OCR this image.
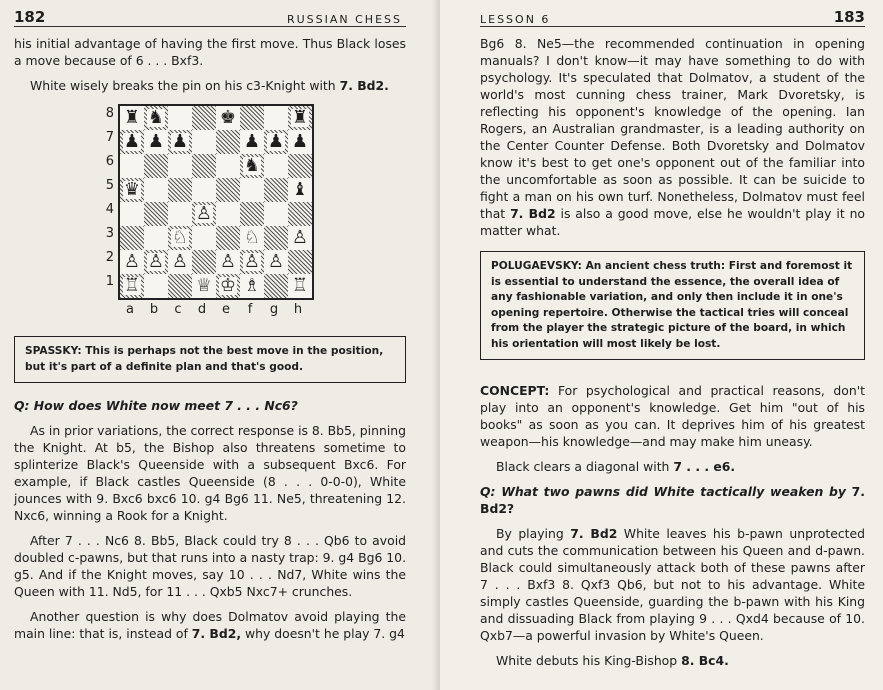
182	RUSSIAN CHESS

his initial advantage of having the first move. Thus Black loses a move because of 6 . . . Bxf3.

White wisely breaks the pin on his c3-Knight with 7. Bd2.

8
7
6
5
4
3
2
1
♜ ♞	♚	♜
♟ ♟ ♟	♟ ♟ ♟
♞
♛	♝
♙
♘	♘ ♙
♙ ♙ ♙ ♙ ♙ ♙
♖	♕ ♔ ♗ ♖
a	b	c	d	e	f	g	h
SPASSKY: This is perhaps not the best move in the position, but it's part of a definite plan and that's good.

Q: How does White now meet 7 . . . Nc6?

As in prior variations, the correct response is 8. Bb5, pinning the Knight. At b5, the Bishop also threatens sometime to splinterize Black's Queenside with a subsequent Bxc6. For example, if Black castles Queenside (8 . . . 0-0-0), White jounces with 9. Bxc6 bxc6 10. g4 Bg6 11. Ne5, threatening 12. Nxc6, winning a Rook for a Knight.

After 7 . . . Nc6 8. Bb5, Black could try 8 . . . Qb6 to avoid doubled c-pawns, but that runs into a nasty trap: 9. g4 Bg6 10. g5. And if the Knight moves, say 10 . . . Nd7, White wins the Queen with 11. Nd5, for 11 . . . Qxb5 Nxc7+ crunches.

Another question is why does Dolmatov avoid playing the main line: that is, instead of 7. Bd2, why doesn't he play 7. g4

LESSON 6	183

Bg6 8. Ne5—the recommended continuation in opening manuals? I don't know—it may have something to do with psychology. It's speculated that Dolmatov, a student of the world's most cunning chess trainer, Mark Dvoretsky, is reflecting his opponent's knowledge of the opening. Ian Rogers, an Australian grandmaster, is a leading authority on the Center Counter Defense. Both Dvoretsky and Dolmatov know it's best to get one's opponent out of the familiar into the uncomfortable as soon as possible. It can be suicide to fight a man on his own turf. Nonetheless, Dolmatov must feel that 7. Bd2 is also a good move, else he wouldn't play it no matter what.

POLUGAEVSKY: An ancient chess truth: First and foremost it is essential to understand the essence, the overall idea of any fashionable variation, and only then include it in one's opening repertoire. Otherwise the tactical tries will conceal from the player the strategic picture of the board, in which his orientation will most likely be lost.

CONCEPT: For psychological and practical reasons, don't play into an opponent's knowledge. Get him "out of his books" as soon as you can. It deprives him of his greatest weapon—his knowledge—and may make him uneasy.

Black clears a diagonal with 7 . . . e6.

Q: What two pawns did White tactically weaken by 7. Bd2?

By playing 7. Bd2 White leaves his b-pawn unprotected and cuts the communication between his Queen and d-pawn. Black could simultaneously attack both of these pawns after 7 . . . Bxf3 8. Qxf3 Qb6, but not to his advantage. White simply castles Queenside, guarding the b-pawn with his King and dissuading Black from playing 9 . . . Qxd4 because of 10. Qxb7—a powerful invasion by White's Queen.

White debuts his King-Bishop 8. Bc4.
